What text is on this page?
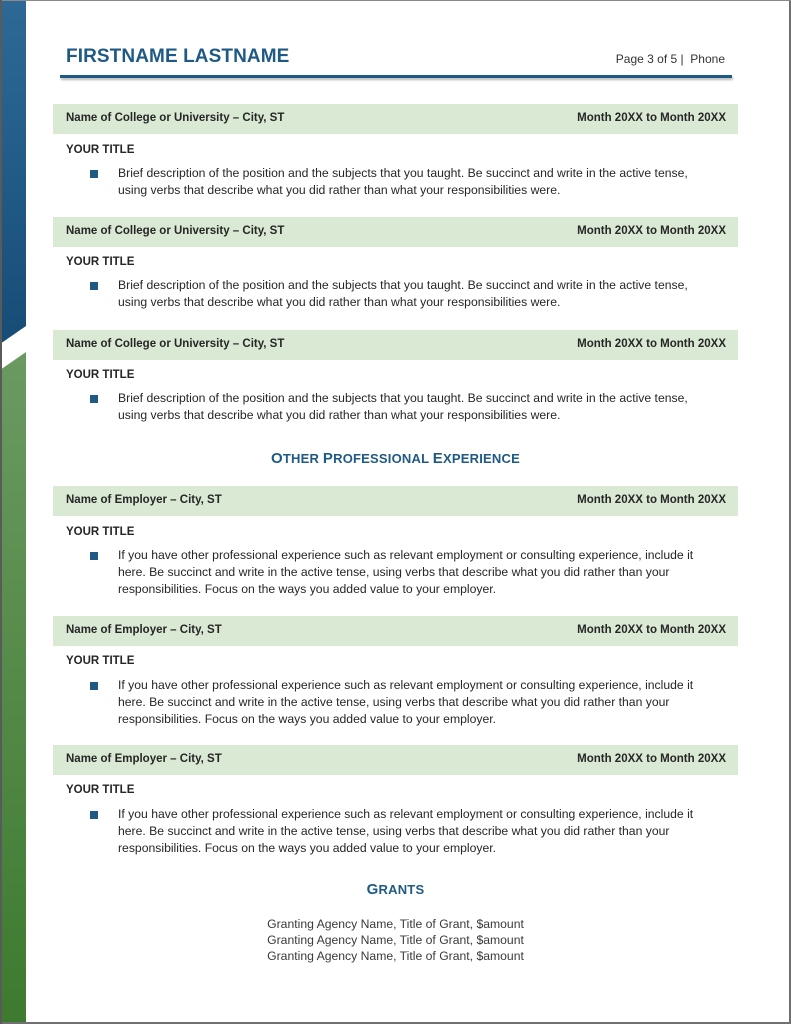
FIRSTNAME LASTNAME	Page 3 of 5 |  Phone
Name of College or University – City, ST	Month 20XX to Month 20XX
YOUR TITLE
Brief description of the position and the subjects that you taught. Be succinct and write in the active tense,
using verbs that describe what you did rather than what your responsibilities were.
Name of College or University – City, ST	Month 20XX to Month 20XX
YOUR TITLE
Brief description of the position and the subjects that you taught. Be succinct and write in the active tense,
using verbs that describe what you did rather than what your responsibilities were.
Name of College or University – City, ST	Month 20XX to Month 20XX
YOUR TITLE
Brief description of the position and the subjects that you taught. Be succinct and write in the active tense,
using verbs that describe what you did rather than what your responsibilities were.
OTHER PROFESSIONAL EXPERIENCE
Name of Employer – City, ST	Month 20XX to Month 20XX
YOUR TITLE
If you have other professional experience such as relevant employment or consulting experience, include it
here. Be succinct and write in the active tense, using verbs that describe what you did rather than your
responsibilities. Focus on the ways you added value to your employer.
Name of Employer – City, ST	Month 20XX to Month 20XX
YOUR TITLE
If you have other professional experience such as relevant employment or consulting experience, include it
here. Be succinct and write in the active tense, using verbs that describe what you did rather than your
responsibilities. Focus on the ways you added value to your employer.
Name of Employer – City, ST	Month 20XX to Month 20XX
YOUR TITLE
If you have other professional experience such as relevant employment or consulting experience, include it
here. Be succinct and write in the active tense, using verbs that describe what you did rather than your
responsibilities. Focus on the ways you added value to your employer.
GRANTS
Granting Agency Name, Title of Grant, $amount
Granting Agency Name, Title of Grant, $amount
Granting Agency Name, Title of Grant, $amount
